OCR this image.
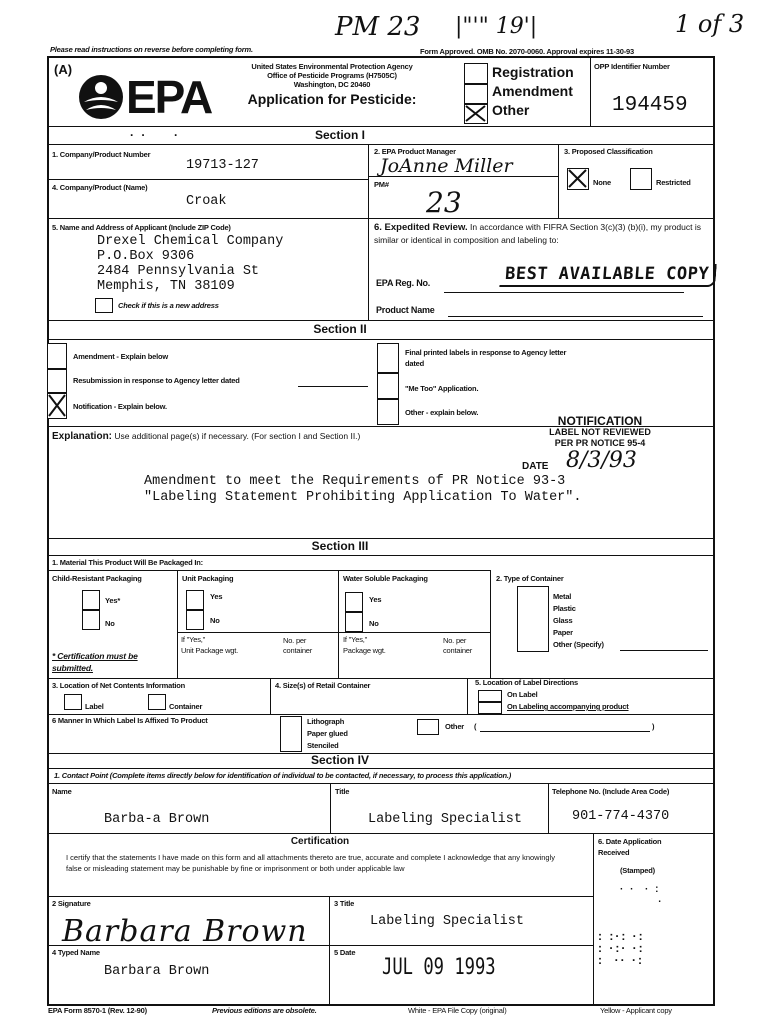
PM 23 |"'" 19'|	1 of 3
Please read instructions on reverse before completing form.	Form Approved. OMB No. 2070-0060. Approval expires 11-30-93
(A)
EPA
United States Environmental Protection Agency
Office of Pesticide Programs (H7505C)
Washington, DC 20460
Application for Pesticide:
Registration
Amendment
Other
OPP Identifier Number
194459
· ·     ·	Section I
1. Company/Product Number
19713-127
2. EPA Product Manager
JoAnne Miller
3. Proposed Classification
None	Restricted
4. Company/Product (Name)
Croak
PM#
23
5. Name and Address of Applicant (Include ZIP Code)
Drexel Chemical Company
P.O.Box 9306
2484 Pennsylvania St
Memphis, TN 38109
Check if this is a new address
6. Expedited Review. In accordance with FIFRA Section 3(c)(3) (b)(i), my product is similar or identical in composition and labeling to:
EPA Reg. No.	BEST AVAILABLE COPY
Product Name
Section II
Amendment - Explain below
Resubmission in response to Agency letter dated
Notification - Explain below.
Final printed labels in response to Agency letter dated
"Me Too" Application.
Other - explain below.
Explanation: Use additional page(s) if necessary. (For section I and Section II.)
NOTIFICATION
LABEL NOT REVIEWED
PER PR NOTICE 95-4
DATE 8/3/93
Amendment to meet the Requirements of PR Notice 93-3
"Labeling Statement Prohibiting Application To Water".
Section III
1. Material This Product Will Be Packaged In:
Child-Resistant Packaging	Unit Packaging	Water Soluble Packaging	2. Type of Container
Yes*
No
Yes
No
Yes
No
If "Yes,"
Unit Package wgt.
No. per container
If "Yes,"
Package wgt.
No. per container
* Certification must be submitted.
Metal
Plastic
Glass
Paper
Other (Specify)
3. Location of Net Contents Information
Label	Container
4. Size(s) of Retail Container	5. Location of Label Directions
On Label
On Labeling accompanying product
6 Manner In Which Label Is Affixed To Product	Lithograph
Paper glued
Stenciled
Other (	)
Section IV
1. Contact Point (Complete items directly below for identification of individual to be contacted, if necessary, to process this application.)
Name
Barba-a Brown
Title
Labeling Specialist
Telephone No. (Include Area Code)
901-774-4370
Certification
I certify that the statements I have made on this form and all attachments thereto are true, accurate and complete I acknowledge that any knowingly false or misleading statement may be punishable by fine or imprisonment or both under applicable law
6. Date Application Received
(Stamped)
· ·  · :
.
: :·: ·:
: ·:· ·:
:  ·· ·:
2 Signature
Barbara Brown
3 Title
Labeling Specialist
4 Typed Name
Barbara Brown
5 Date
JUL 09 1993
EPA Form 8570-1 (Rev. 12-90)	Previous editions are obsolete.	White - EPA File Copy (original)	Yellow - Applicant copy
